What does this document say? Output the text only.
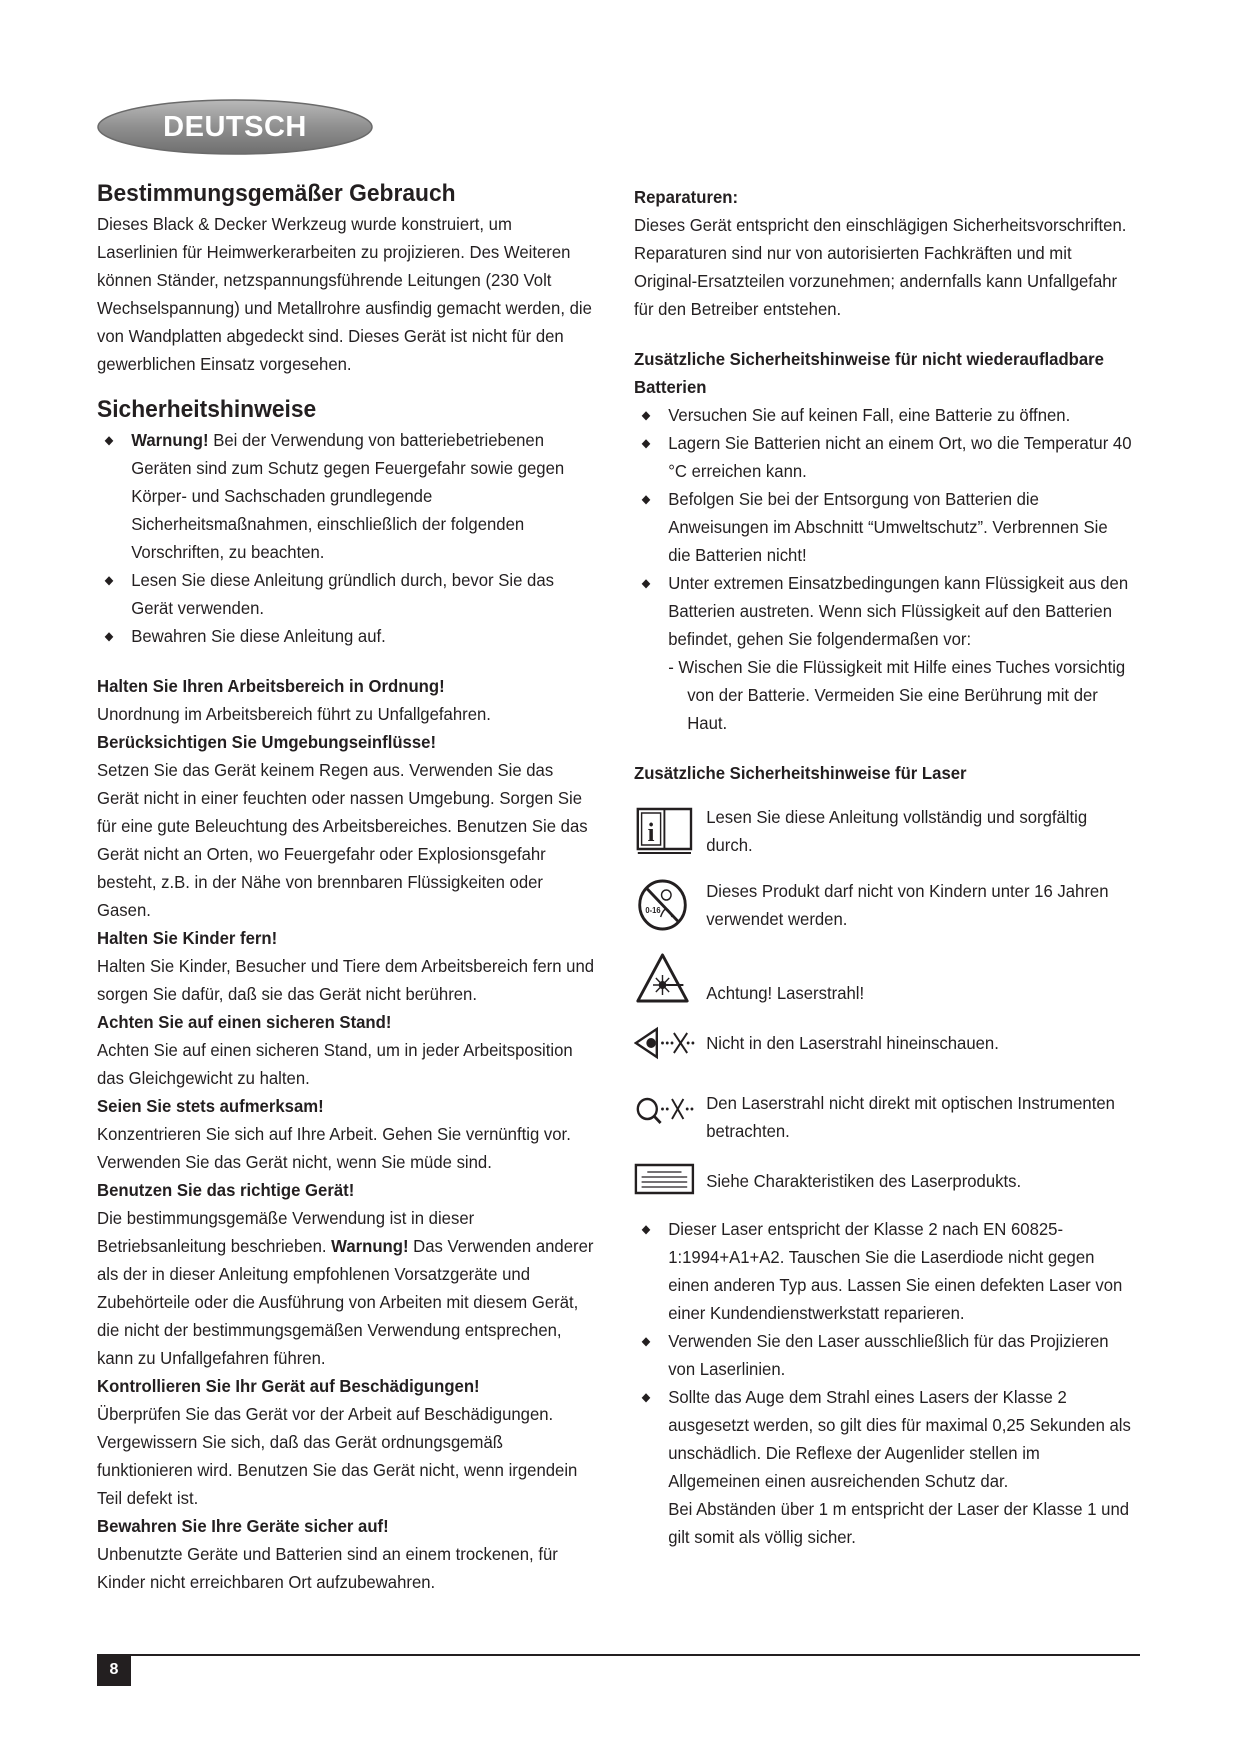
DEUTSCH
Bestimmungsgemäßer Gebrauch

Dieses Black & Decker Werkzeug wurde konstruiert, um Laserlinien für Heimwerkerarbeiten zu projizieren. Des Weiteren können Ständer, netzspannungsführende Leitungen (230 Volt Wechselspannung) und Metallrohre ausfindig gemacht werden, die von Wandplatten abgedeckt sind. Dieses Gerät ist nicht für den gewerblichen Einsatz vorgesehen.

Sicherheitshinweise
◆ Warnung! Bei der Verwendung von batteriebetriebenen Geräten sind zum Schutz gegen Feuergefahr sowie gegen Körper- und Sachschaden grundlegende Sicherheitsmaßnahmen, einschließlich der folgenden Vorschriften, zu beachten.
◆ Lesen Sie diese Anleitung gründlich durch, bevor Sie das Gerät verwenden.
◆ Bewahren Sie diese Anleitung auf.
Halten Sie Ihren Arbeitsbereich in Ordnung!

Unordnung im Arbeitsbereich führt zu Unfallgefahren.

Berücksichtigen Sie Umgebungseinflüsse!

Setzen Sie das Gerät keinem Regen aus. Verwenden Sie das Gerät nicht in einer feuchten oder nassen Umgebung. Sorgen Sie für eine gute Beleuchtung des Arbeitsbereiches. Benutzen Sie das Gerät nicht an Orten, wo Feuergefahr oder Explosionsgefahr besteht, z.B. in der Nähe von brennbaren Flüssigkeiten oder Gasen.

Halten Sie Kinder fern!

Halten Sie Kinder, Besucher und Tiere dem Arbeitsbereich fern und sorgen Sie dafür, daß sie das Gerät nicht berühren.

Achten Sie auf einen sicheren Stand!

Achten Sie auf einen sicheren Stand, um in jeder Arbeitsposition das Gleichgewicht zu halten.

Seien Sie stets aufmerksam!

Konzentrieren Sie sich auf Ihre Arbeit. Gehen Sie vernünftig vor. Verwenden Sie das Gerät nicht, wenn Sie müde sind.

Benutzen Sie das richtige Gerät!

Die bestimmungsgemäße Verwendung ist in dieser Betriebsanleitung beschrieben. Warnung! Das Verwenden anderer als der in dieser Anleitung empfohlenen Vorsatzgeräte und Zubehörteile oder die Ausführung von Arbeiten mit diesem Gerät, die nicht der bestimmungsgemäßen Verwendung entsprechen, kann zu Unfallgefahren führen.

Kontrollieren Sie Ihr Gerät auf Beschädigungen!

Überprüfen Sie das Gerät vor der Arbeit auf Beschädigungen. Vergewissern Sie sich, daß das Gerät ordnungsgemäß funktionieren wird. Benutzen Sie das Gerät nicht, wenn irgendein Teil defekt ist.

Bewahren Sie Ihre Geräte sicher auf!

Unbenutzte Geräte und Batterien sind an einem trockenen, für Kinder nicht erreichbaren Ort aufzubewahren.

Reparaturen:

Dieses Gerät entspricht den einschlägigen Sicherheitsvorschriften. Reparaturen sind nur von autorisierten Fachkräften und mit Original-Ersatzteilen vorzunehmen; andernfalls kann Unfallgefahr für den Betreiber entstehen.

Zusätzliche Sicherheitshinweise für nicht wiederaufladbare Batterien
◆ Versuchen Sie auf keinen Fall, eine Batterie zu öffnen.
◆ Lagern Sie Batterien nicht an einem Ort, wo die Temperatur 40 °C erreichen kann.
◆ Befolgen Sie bei der Entsorgung von Batterien die Anweisungen im Abschnitt “Umweltschutz”. Verbrennen Sie die Batterien nicht!
◆ Unter extremen Einsatzbedingungen kann Flüssigkeit aus den Batterien austreten. Wenn sich Flüssigkeit auf den Batterien befindet, gehen Sie folgendermaßen vor:

- Wischen Sie die Flüssigkeit mit Hilfe eines Tuches vorsichtig von der Batterie. Vermeiden Sie eine Berührung mit der Haut.

Zusätzliche Sicherheitshinweise für Laser
i

Lesen Sie diese Anleitung vollständig und sorgfältig durch.

0-16

Dieses Produkt darf nicht von Kindern unter 16 Jahren verwendet werden.

Achtung! Laserstrahl!

Nicht in den Laserstrahl hineinschauen.

Den Laserstrahl nicht direkt mit optischen Instrumenten betrachten.

Siehe Charakteristiken des Laserprodukts.

◆ Dieser Laser entspricht der Klasse 2 nach EN 60825-1:1994+A1+A2. Tauschen Sie die Laserdiode nicht gegen einen anderen Typ aus. Lassen Sie einen defekten Laser von einer Kundendienstwerkstatt reparieren.
◆ Verwenden Sie den Laser ausschließlich für das Projizieren von Laserlinien.
◆ Sollte das Auge dem Strahl eines Lasers der Klasse 2 ausgesetzt werden, so gilt dies für maximal 0,25 Sekunden als unschädlich. Die Reflexe der Augenlider stellen im Allgemeinen einen ausreichenden Schutz dar.

Bei Abständen über 1 m entspricht der Laser der Klasse 1 und gilt somit als völlig sicher.

8
